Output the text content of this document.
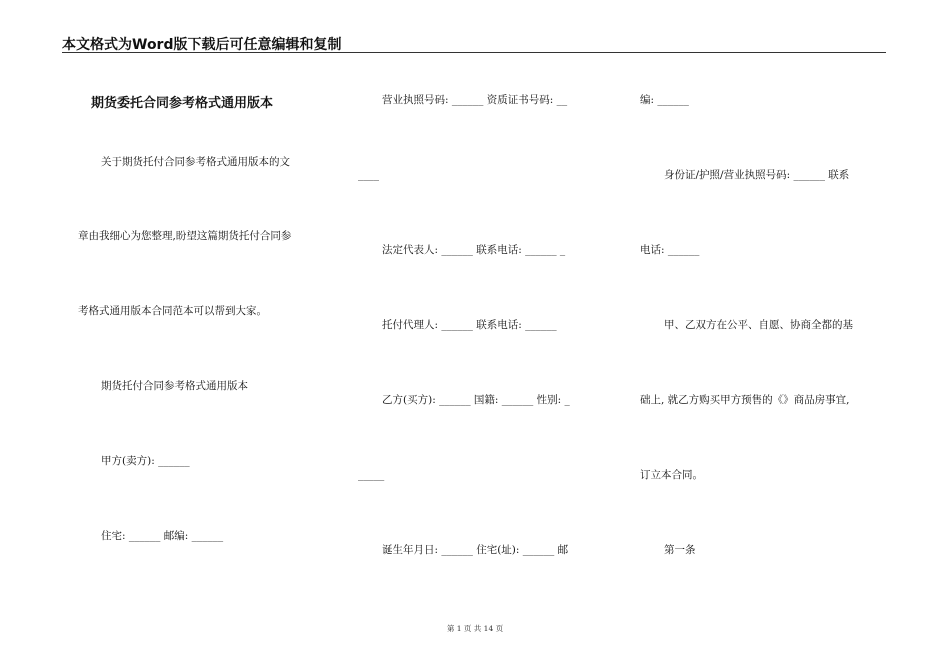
本文格式为Word版下载后可任意编辑和复制
期货委托合同参考格式通用版本
关于期货托付合同参考格式通用版本的文
章由我细心为您整理,盼望这篇期货托付合同参
考格式通用版本合同范本可以帮到大家。
期货托付合同参考格式通用版本
甲方(卖方): ______
住宅: ______ 邮编: ______
营业执照号码: ______ 资质证书号码: __
____
法定代表人: ______ 联系电话: ______ _
托付代理人: ______ 联系电话: ______
乙方(买方): ______ 国籍: ______ 性别: _
_____
诞生年月日: ______ 住宅(址): ______ 邮
编: ______
身份证/护照/营业执照号码: ______ 联系
电话: ______
甲、乙双方在公平、自愿、协商全都的基
础上, 就乙方购买甲方预售的《》商品房事宜,
订立本合同。
第一条
第 1 页 共 14 页
